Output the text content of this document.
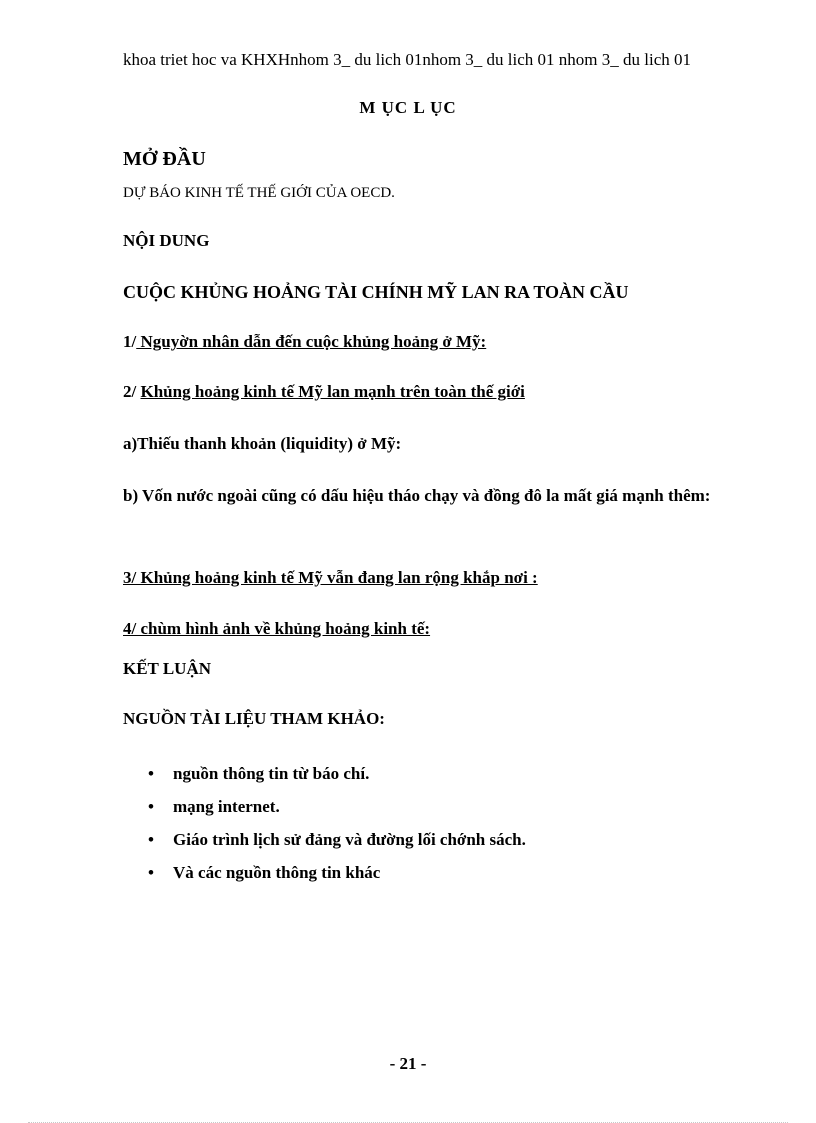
khoa triet hoc va KHXHnhom 3_ du lich 01nhom 3_ du lich 01 nhom 3_ du lich 01
M ỤC L ỤC
MỞ ĐẦU
DỰ BÁO KINH TẾ THẾ GIỚI CỦA OECD.
NỘI DUNG
CUỘC KHỦNG HOẢNG TÀI CHÍNH MỸ LAN RA TOÀN CẦU
1/ Nguyờn nhân dẫn đến cuộc khủng hoảng ở Mỹ:
2/ Khủng hoảng kinh tế Mỹ lan mạnh trên toàn thế giới
a)Thiếu thanh khoản (liquidity) ở Mỹ:
b) Vốn nước ngoài cũng có dấu hiệu tháo chạy và đồng đô la mất giá mạnh thêm:
3/ Khủng hoảng kinh tế Mỹ vẫn đang lan rộng khắp nơi :
4/ chùm hình ảnh về khủng hoảng kinh tế:
KẾT LUẬN
NGUỒN TÀI LIỆU THAM KHẢO:
• nguồn thông tin từ báo chí.
• mạng internet.
• Giáo trình lịch sử đảng và đường lối chớnh sách.
• Và các nguồn thông tin khác
- 21 -
